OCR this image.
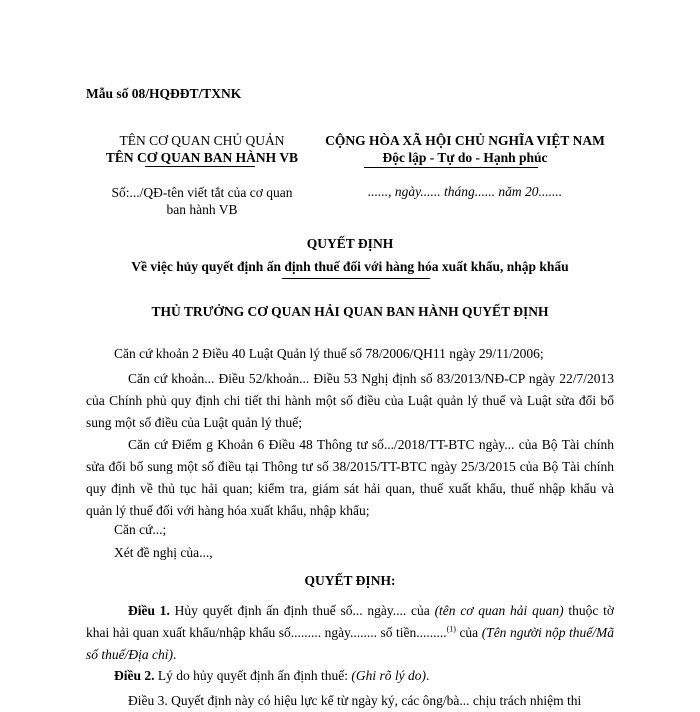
Mẫu số 08/HQĐĐT/TXNK
TÊN CƠ QUAN CHỦ QUẢN
TÊN CƠ QUAN BAN HÀNH VB
CỘNG HÒA XÃ HỘI CHỦ NGHĨA VIỆT NAM
Độc lập - Tự do - Hạnh phúc
Số:.../QĐ-tên viết tắt của cơ quan
ban hành VB
......, ngày...... tháng...... năm 20.......
QUYẾT ĐỊNH
Về việc hủy quyết định ấn định thuế đối với hàng hóa xuất khẩu, nhập khẩu
THỦ TRƯỞNG CƠ QUAN HẢI QUAN BAN HÀNH QUYẾT ĐỊNH
Căn cứ khoản 2 Điều 40 Luật Quản lý thuế số 78/2006/QH11 ngày 29/11/2006;
Căn cứ khoản... Điều 52/khoản... Điều 53 Nghị định số 83/2013/NĐ-CP ngày 22/7/2013 của Chính phủ quy định chi tiết thi hành một số điều của Luật quản lý thuế và Luật sửa đổi bổ sung một số điều của Luật quản lý thuế;
Căn cứ Điểm g Khoản 6 Điều 48 Thông tư số.../2018/TT-BTC ngày... của Bộ Tài chính sửa đổi bổ sung một số điều tại Thông tư số 38/2015/TT-BTC ngày 25/3/2015 của Bộ Tài chính quy định về thủ tục hải quan; kiểm tra, giám sát hải quan, thuế xuất khẩu, thuế nhập khẩu và quản lý thuế đối với hàng hóa xuất khẩu, nhập khẩu;
Căn cứ...;
Xét đề nghị của...,
QUYẾT ĐỊNH:
Điều 1. Hủy quyết định ấn định thuế số... ngày.... của (tên cơ quan hải quan) thuộc tờ khai hải quan xuất khẩu/nhập khẩu số......... ngày........ số tiền.........$^{(1)}$ của (Tên người nộp thuế/Mã số thuế/Địa chỉ).
Điều 2. Lý do hủy quyết định ấn định thuế: (Ghi rõ lý do).
Điều 3. Quyết định này có hiệu lực kể từ ngày ký, các ông/bà... chịu trách nhiệm thi
